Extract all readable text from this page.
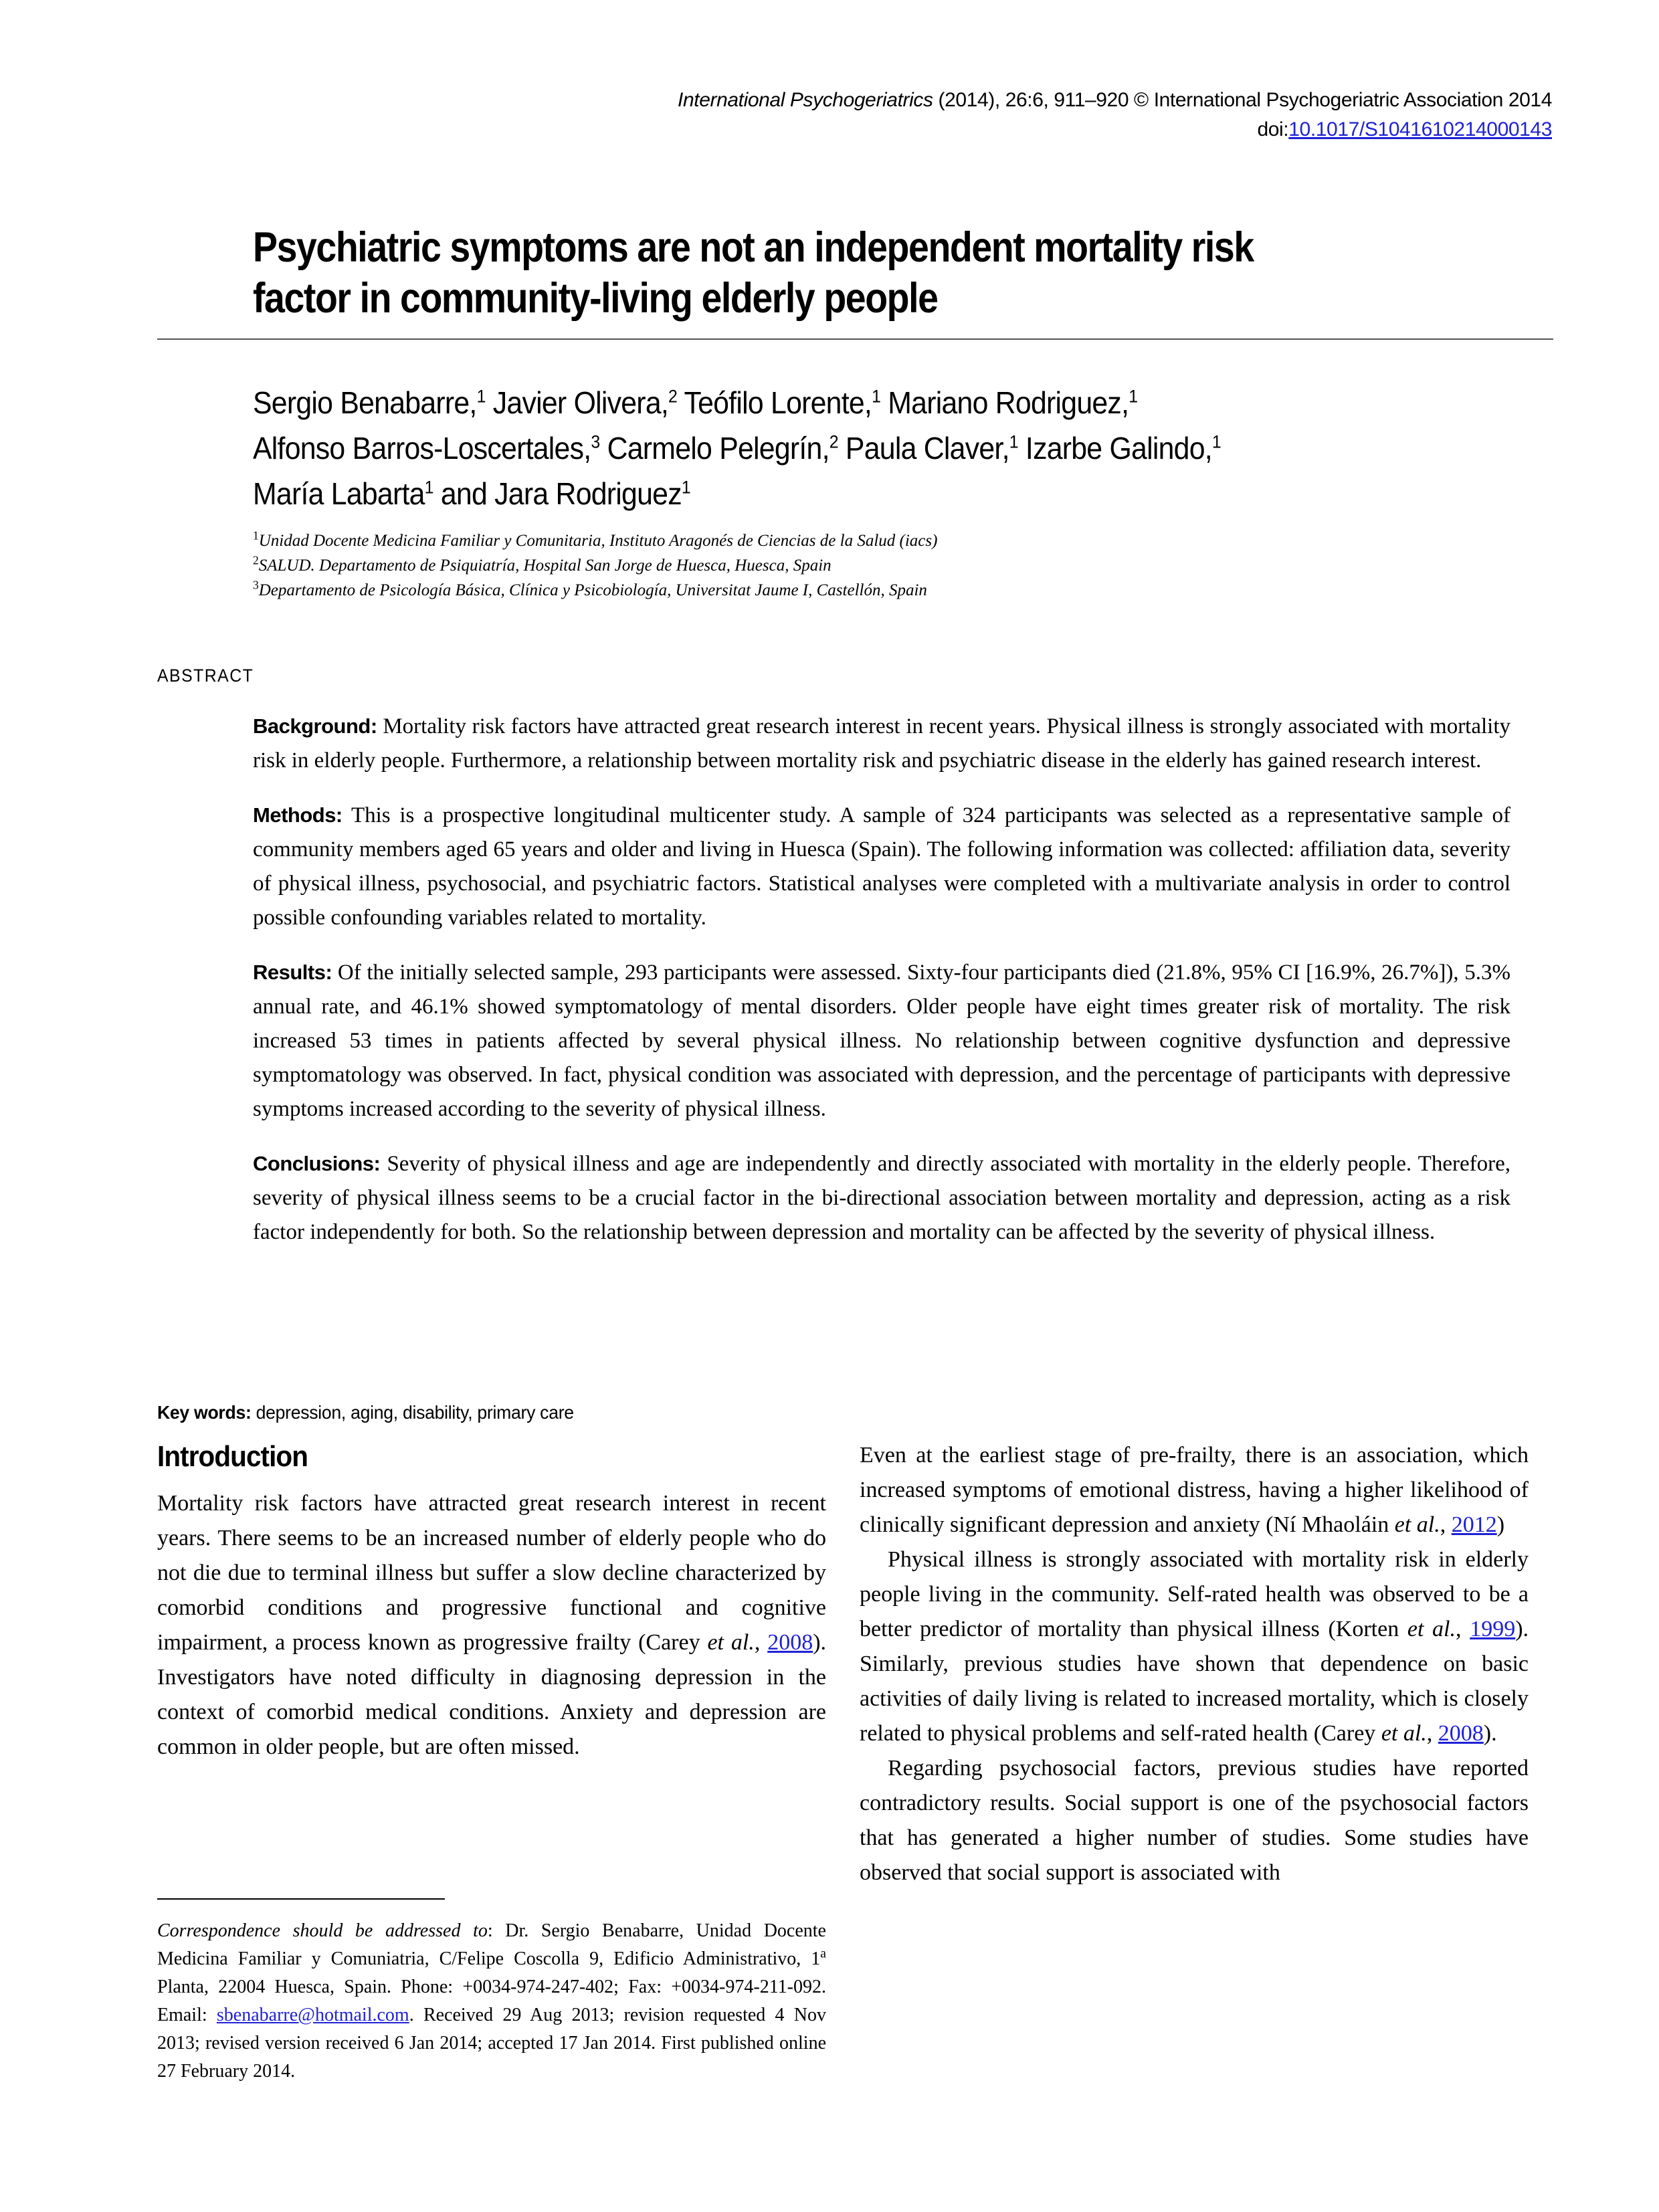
International Psychogeriatrics (2014), 26:6, 911–920 © International Psychogeriatric Association 2014
doi:10.1017/S1041610214000143
Psychiatric symptoms are not an independent mortality risk factor in community-living elderly people
Sergio Benabarre,$^1$ Javier Olivera,$^2$ Teófilo Lorente,$^1$ Mariano Rodriguez,$^1$
Alfonso Barros-Loscertales,$^3$ Carmelo Pelegrín,$^2$ Paula Claver,$^1$ Izarbe Galindo,$^1$
María Labarta$^1$ and Jara Rodriguez$^1$
$^1$Unidad Docente Medicina Familiar y Comunitaria, Instituto Aragonés de Ciencias de la Salud (iacs)
$^2$SALUD. Departamento de Psiquiatría, Hospital San Jorge de Huesca, Huesca, Spain
$^3$Departamento de Psicología Básica, Clínica y Psicobiología, Universitat Jaume I, Castellón, Spain
ABSTRACT

Background: Mortality risk factors have attracted great research interest in recent years. Physical illness is strongly associated with mortality risk in elderly people. Furthermore, a relationship between mortality risk and psychiatric disease in the elderly has gained research interest.

Methods: This is a prospective longitudinal multicenter study. A sample of 324 participants was selected as a representative sample of community members aged 65 years and older and living in Huesca (Spain). The following information was collected: affiliation data, severity of physical illness, psychosocial, and psychiatric factors. Statistical analyses were completed with a multivariate analysis in order to control possible confounding variables related to mortality.

Results: Of the initially selected sample, 293 participants were assessed. Sixty-four participants died (21.8%, 95% CI [16.9%, 26.7%]), 5.3% annual rate, and 46.1% showed symptomatology of mental disorders. Older people have eight times greater risk of mortality. The risk increased 53 times in patients affected by several physical illness. No relationship between cognitive dysfunction and depressive symptomatology was observed. In fact, physical condition was associated with depression, and the percentage of participants with depressive symptoms increased according to the severity of physical illness.

Conclusions: Severity of physical illness and age are independently and directly associated with mortality in the elderly people. Therefore, severity of physical illness seems to be a crucial factor in the bi-directional association between mortality and depression, acting as a risk factor independently for both. So the relationship between depression and mortality can be affected by the severity of physical illness.

Key words: depression, aging, disability, primary care
Introduction

Mortality risk factors have attracted great research interest in recent years. There seems to be an increased number of elderly people who do not die due to terminal illness but suffer a slow decline characterized by comorbid conditions and progressive functional and cognitive impairment, a process known as progressive frailty (Carey et al., 2008). Investigators have noted difficulty in diagnosing depression in the context of comorbid medical conditions. Anxiety and depression are common in older people, but are often missed.

Even at the earliest stage of pre-frailty, there is an association, which increased symptoms of emotional distress, having a higher likelihood of clinically significant depression and anxiety (Ní Mhaoláin et al., 2012)

Physical illness is strongly associated with mortality risk in elderly people living in the community. Self-rated health was observed to be a better predictor of mortality than physical illness (Korten et al., 1999). Similarly, previous studies have shown that dependence on basic activities of daily living is related to increased mortality, which is closely related to physical problems and self-rated health (Carey et al., 2008).

Regarding psychosocial factors, previous studies have reported contradictory results. Social support is one of the psychosocial factors that has generated a higher number of studies. Some studies have observed that social support is associated with

Correspondence should be addressed to: Dr. Sergio Benabarre, Unidad Docente Medicina Familiar y Comuniatria, C/Felipe Coscolla 9, Edificio Administrativo, 1$^a$ Planta, 22004 Huesca, Spain. Phone: +0034-974-247-402; Fax: +0034-974-211-092. Email: sbenabarre@hotmail.com. Received 29 Aug 2013; revision requested 4 Nov 2013; revised version received 6 Jan 2014; accepted 17 Jan 2014. First published online 27 February 2014.
